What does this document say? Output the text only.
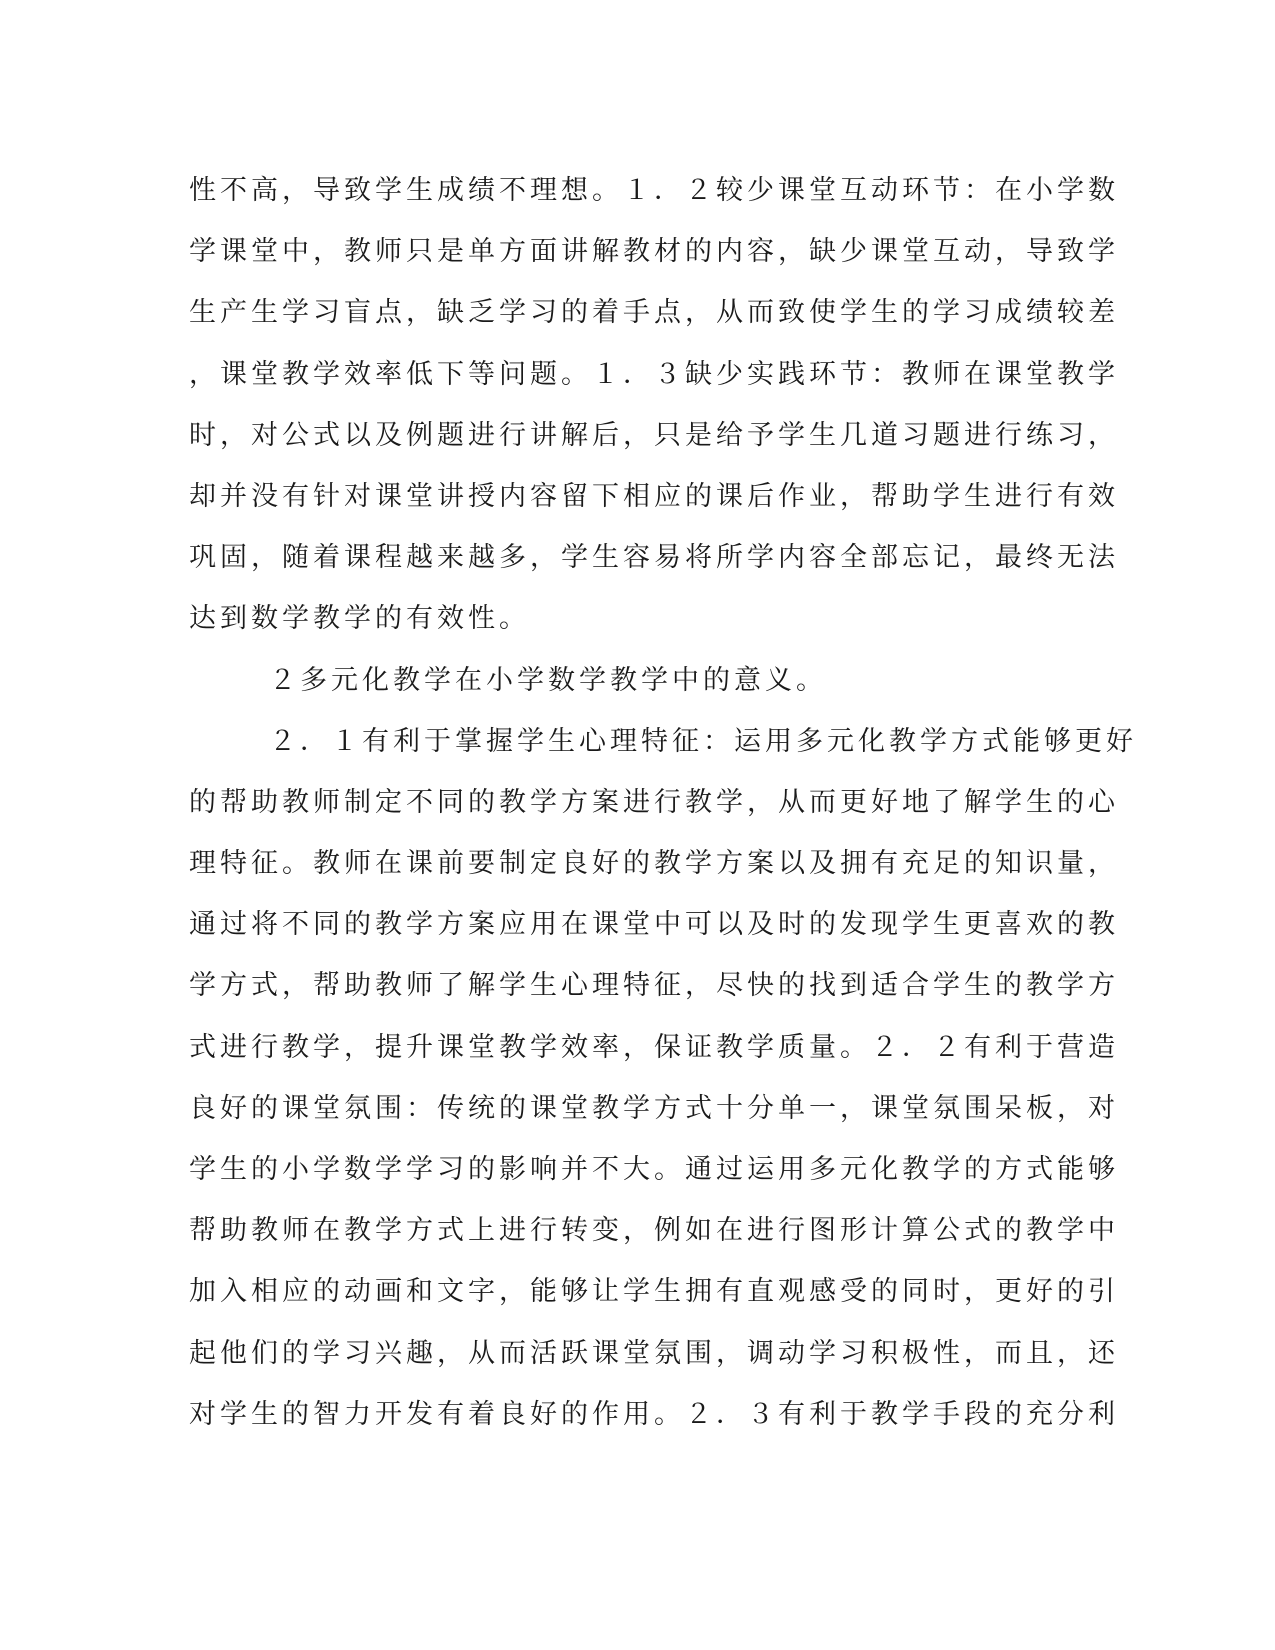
性不高，导致学生成绩不理想。１．２较少课堂互动环节：在小学数
学课堂中，教师只是单方面讲解教材的内容，缺少课堂互动，导致学
生产生学习盲点，缺乏学习的着手点，从而致使学生的学习成绩较差
，课堂教学效率低下等问题。１．３缺少实践环节：教师在课堂教学
时，对公式以及例题进行讲解后，只是给予学生几道习题进行练习，
却并没有针对课堂讲授内容留下相应的课后作业，帮助学生进行有效
巩固，随着课程越来越多，学生容易将所学内容全部忘记，最终无法
达到数学教学的有效性。
２多元化教学在小学数学教学中的意义。
２．１有利于掌握学生心理特征：运用多元化教学方式能够更好
的帮助教师制定不同的教学方案进行教学，从而更好地了解学生的心
理特征。教师在课前要制定良好的教学方案以及拥有充足的知识量，
通过将不同的教学方案应用在课堂中可以及时的发现学生更喜欢的教
学方式，帮助教师了解学生心理特征，尽快的找到适合学生的教学方
式进行教学，提升课堂教学效率，保证教学质量。２．２有利于营造
良好的课堂氛围：传统的课堂教学方式十分单一，课堂氛围呆板，对
学生的小学数学学习的影响并不大。通过运用多元化教学的方式能够
帮助教师在教学方式上进行转变，例如在进行图形计算公式的教学中
加入相应的动画和文字，能够让学生拥有直观感受的同时，更好的引
起他们的学习兴趣，从而活跃课堂氛围，调动学习积极性，而且，还
对学生的智力开发有着良好的作用。２．３有利于教学手段的充分利
